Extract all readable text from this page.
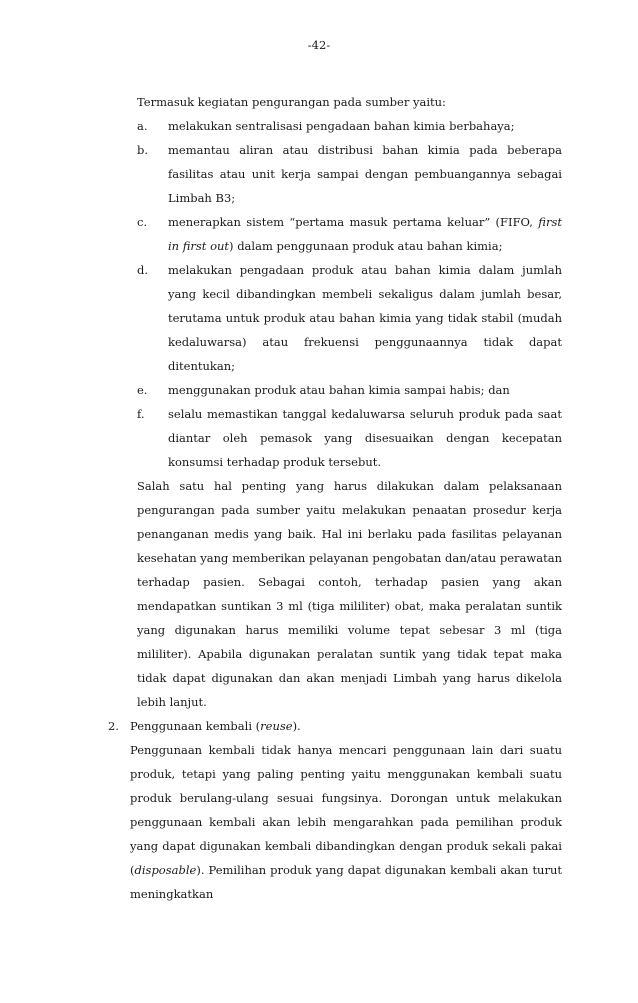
-42-
Termasuk kegiatan pengurangan pada sumber yaitu:
a. melakukan sentralisasi pengadaan bahan kimia berbahaya;
b. memantau aliran atau distribusi bahan kimia pada beberapa fasilitas atau unit kerja sampai dengan pembuangannya sebagai Limbah B3;
c. menerapkan sistem “pertama masuk pertama keluar” (FIFO, first in first out) dalam penggunaan produk atau bahan kimia;
d. melakukan pengadaan produk atau bahan kimia dalam jumlah yang kecil dibandingkan membeli sekaligus dalam jumlah besar, terutama untuk produk atau bahan kimia yang tidak stabil (mudah kedaluwarsa) atau frekuensi penggunaannya tidak dapat ditentukan;
e. menggunakan produk atau bahan kimia sampai habis; dan
f. selalu memastikan tanggal kedaluwarsa seluruh produk pada saat diantar oleh pemasok yang disesuaikan dengan kecepatan konsumsi terhadap produk tersebut.
Salah satu hal penting yang harus dilakukan dalam pelaksanaan pengurangan pada sumber yaitu melakukan penaatan prosedur kerja penanganan medis yang baik. Hal ini berlaku pada fasilitas pelayanan kesehatan yang memberikan pelayanan pengobatan dan/atau perawatan terhadap pasien. Sebagai contoh, terhadap pasien yang akan mendapatkan suntikan 3 ml (tiga mililiter) obat, maka peralatan suntik yang digunakan harus memiliki volume tepat sebesar 3 ml (tiga mililiter). Apabila digunakan peralatan suntik yang tidak tepat maka tidak dapat digunakan dan akan menjadi Limbah yang harus dikelola lebih lanjut.
2. Penggunaan kembali (reuse).
Penggunaan kembali tidak hanya mencari penggunaan lain dari suatu produk, tetapi yang paling penting yaitu menggunakan kembali suatu produk berulang-ulang sesuai fungsinya. Dorongan untuk melakukan penggunaan kembali akan lebih mengarahkan pada pemilihan produk yang dapat digunakan kembali dibandingkan dengan produk sekali pakai (disposable). Pemilihan produk yang dapat digunakan kembali akan turut meningkatkan
